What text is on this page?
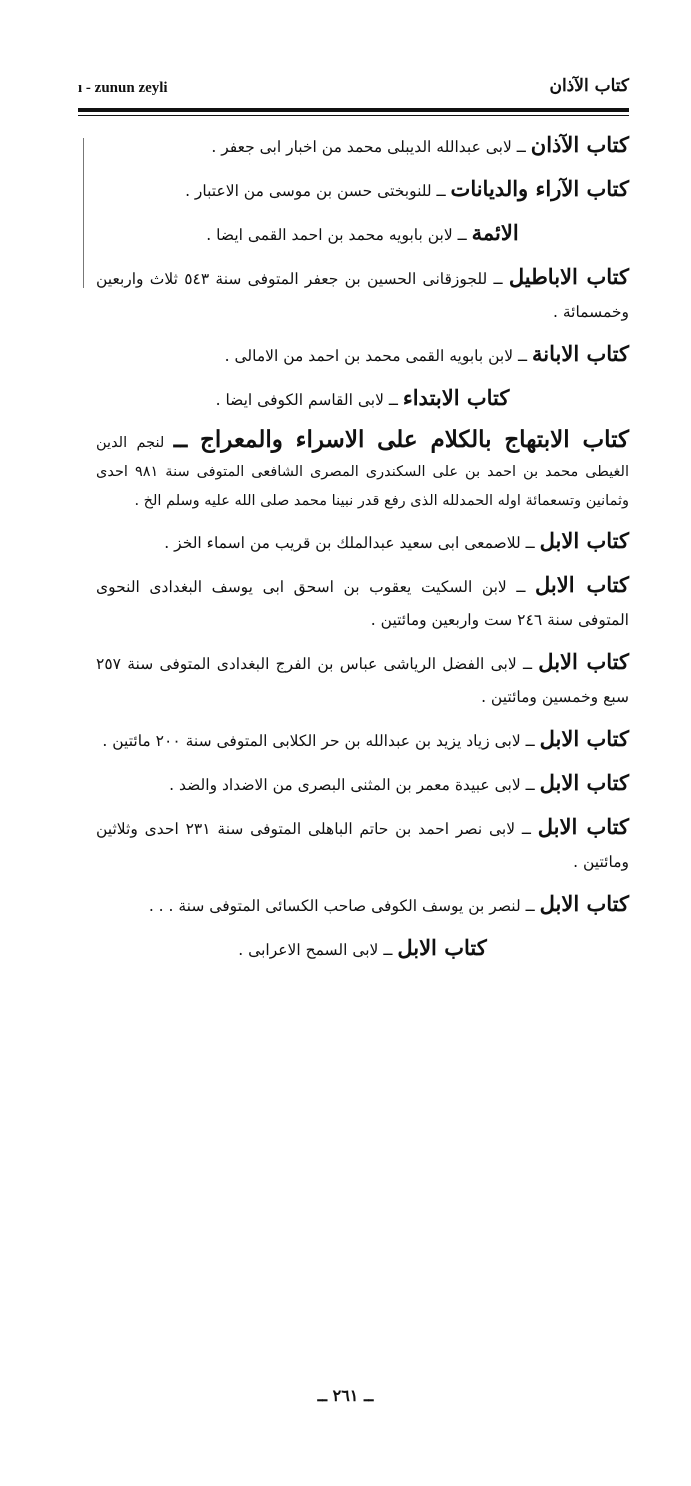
ı - zunun zeyli	كتاب الآذان

كتاب الآذان ــ لابى عبدالله الديبلى محمد من اخبار ابى جعفر .

كتاب الآراء والديانات ــ للنوبختى حسن بن موسى من الاعتبار .

الائمة ــ لابن بابويه محمد بن احمد القمى ايضا .

كتاب الاباطيل ــ للجوزقانى الحسين بن جعفر المتوفى سنة ٥٤٣ ثلاث واربعين وخمسمائة .

كتاب الابانة ــ لابن بابويه القمى محمد بن احمد من الامالى .

كتاب الابتداء ــ لابى القاسم الكوفى ايضا .

كتاب الابتهاج بالكلام على الاسراء والمعراج ــ لنجم الدين الغيطى محمد بن احمد بن على السكندرى المصرى الشافعى المتوفى سنة ٩٨١ احدى وثمانين وتسعمائة اوله الحمدلله الذى رفع قدر نبينا محمد صلى الله عليه وسلم الخ .

كتاب الابل ــ للاصمعى ابى سعيد عبدالملك بن قريب من اسماء الخز .

كتاب الابل ــ لابن السكيت يعقوب بن اسحق ابى يوسف البغدادى النحوى المتوفى سنة ٢٤٦ ست واربعين ومائتين .

كتاب الابل ــ لابى الفضل الرياشى عباس بن الفرج البغدادى المتوفى سنة ٢٥٧ سبع وخمسين ومائتين .

كتاب الابل ــ لابى زياد يزيد بن عبدالله بن حر الكلابى المتوفى سنة ٢٠٠ مائتين .

كتاب الابل ــ لابى عبيدة معمر بن المثنى البصرى من الاضداد والضد .

كتاب الابل ــ لابى نصر احمد بن حاتم الباهلى المتوفى سنة ٢٣١ احدى وثلاثين ومائتين .

كتاب الابل ــ لنصر بن يوسف الكوفى صاحب الكسائى المتوفى سنة . . .

كتاب الابل ــ لابى السمح الاعرابى .

ــ ٢٦١ ــ
